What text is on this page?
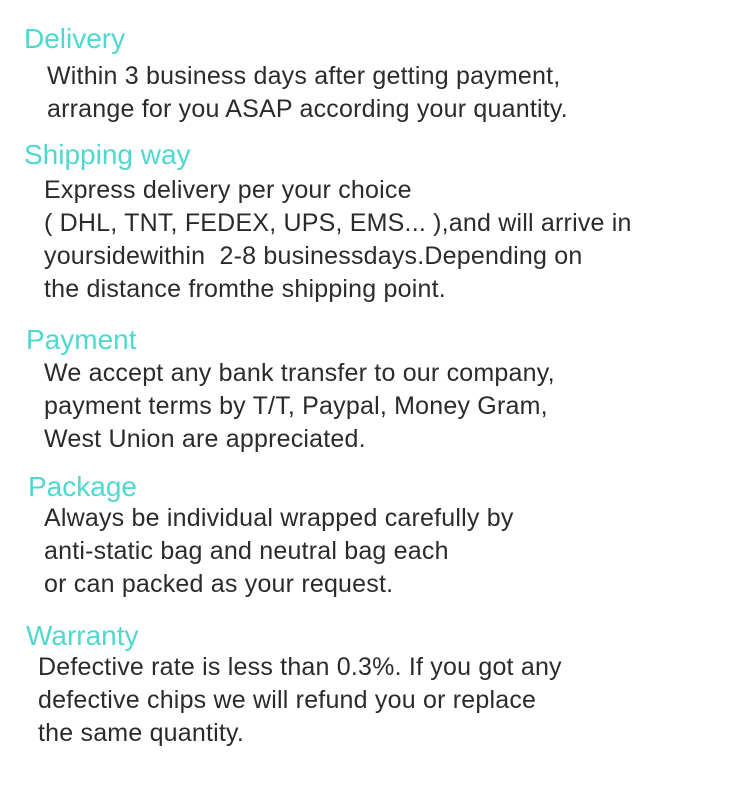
Delivery

Within 3 business days after getting payment,

arrange for you ASAP according your quantity.

Shipping way

Express delivery per your choice

( DHL, TNT, FEDEX, UPS, EMS... ),and will arrive in

yoursidewithin  2-8 businessdays.Depending on

the distance fromthe shipping point.

Payment

We accept any bank transfer to our company,

payment terms by T/T, Paypal, Money Gram,

West Union are appreciated.

Package

Always be individual wrapped carefully by

anti-static bag and neutral bag each

or can packed as your request.

Warranty

Defective rate is less than 0.3%. If you got any

defective chips we will refund you or replace

the same quantity.
